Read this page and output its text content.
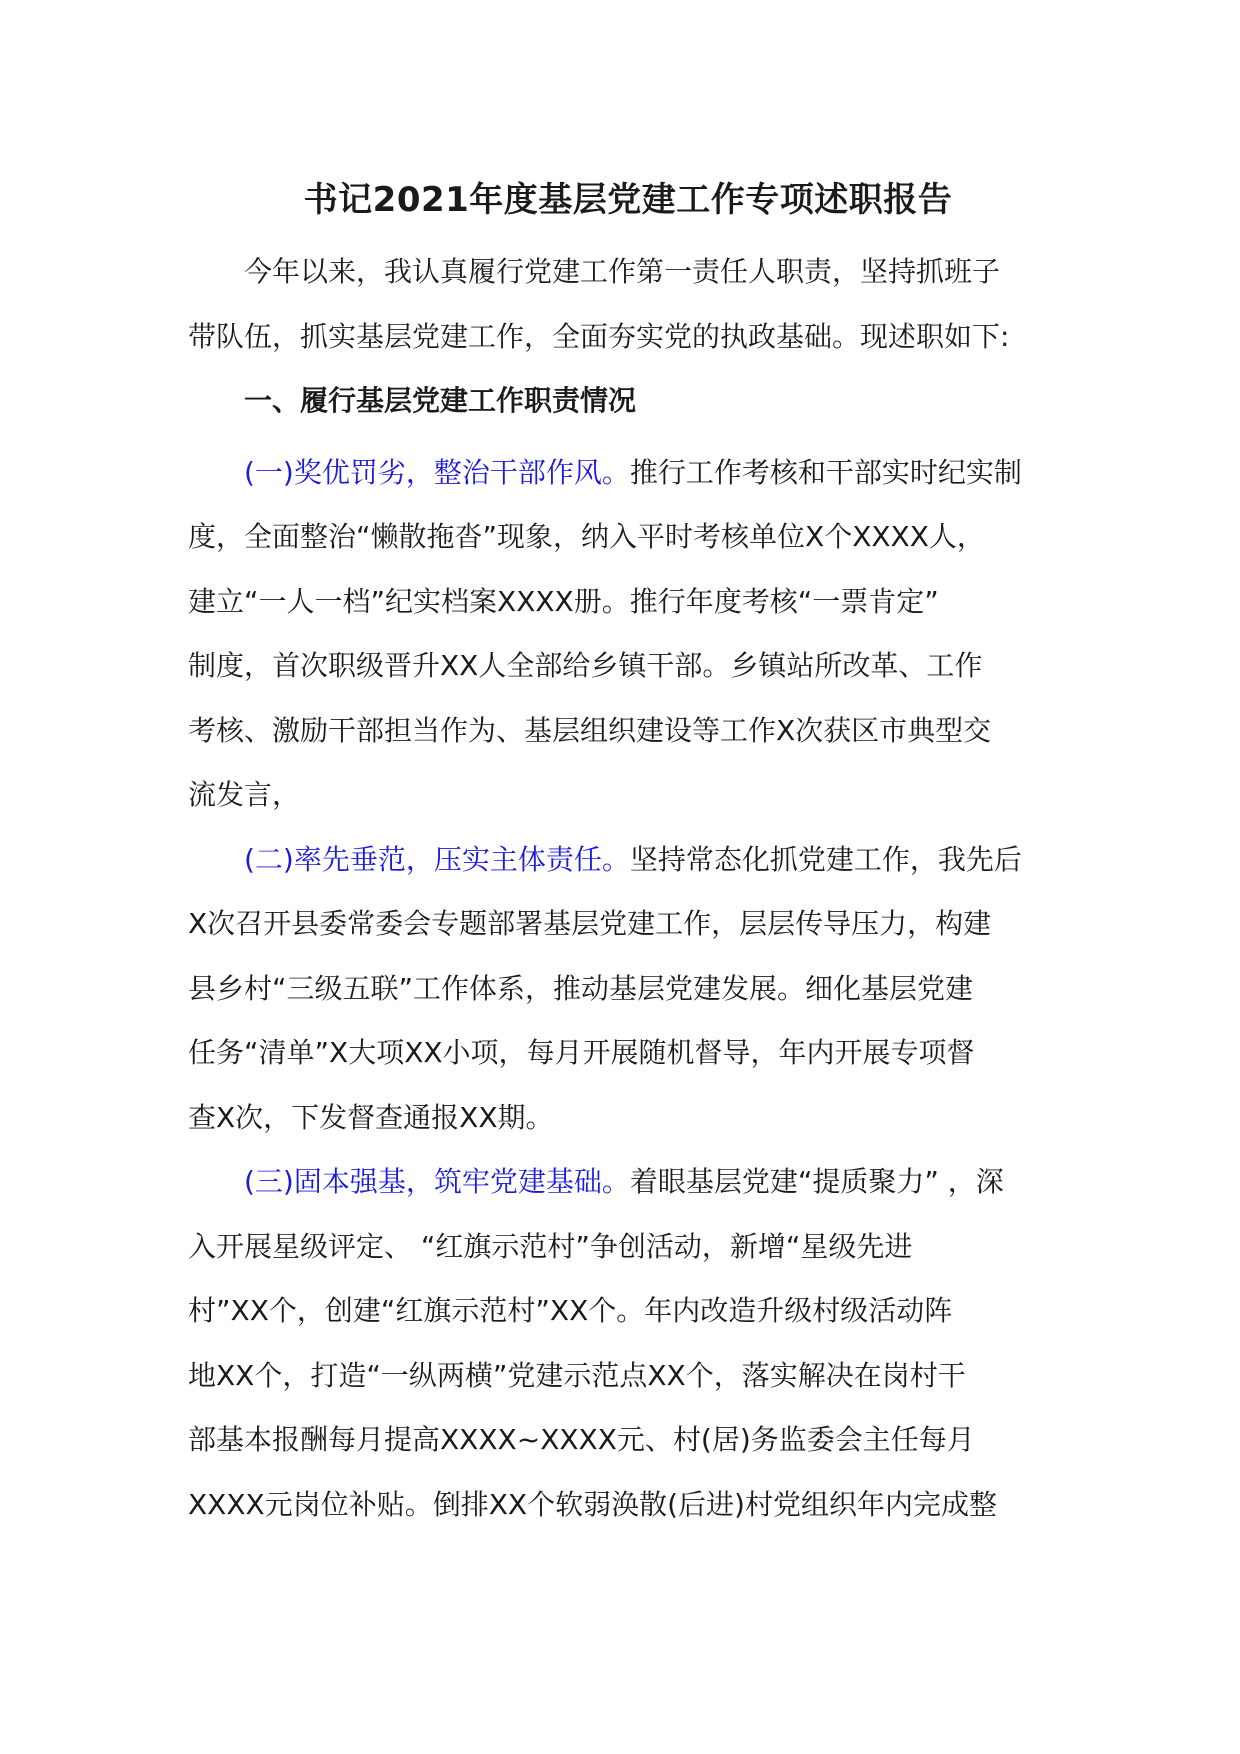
书记2021年度基层党建工作专项述职报告
今年以来，我认真履行党建工作第一责任人职责，坚持抓班子
带队伍，抓实基层党建工作，全面夯实党的执政基础。现述职如下:
一、履行基层党建工作职责情况
(一)奖优罚劣，整治干部作风。推行工作考核和干部实时纪实制
度，全面整治“懒散拖沓”现象，纳入平时考核单位X个XXXX人，
建立“一人一档”纪实档案XXXX册。推行年度考核“一票肯定”
制度，首次职级晋升XX人全部给乡镇干部。乡镇站所改革、工作
考核、激励干部担当作为、基层组织建设等工作X次获区市典型交
流发言，
(二)率先垂范，压实主体责任。坚持常态化抓党建工作，我先后
X次召开县委常委会专题部署基层党建工作，层层传导压力，构建
县乡村“三级五联”工作体系，推动基层党建发展。细化基层党建
任务“清单”X大项XX小项，每月开展随机督导，年内开展专项督
查X次，下发督查通报XX期。
(三)固本强基，筑牢党建基础。着眼基层党建“提质聚力” ，深
入开展星级评定、 “红旗示范村”争创活动，新增“星级先进
村”XX个，创建“红旗示范村”XX个。年内改造升级村级活动阵
地XX个，打造“一纵两横”党建示范点XX个，落实解决在岗村干
部基本报酬每月提高XXXX~XXXX元、村(居)务监委会主任每月
XXXX元岗位补贴。倒排XX个软弱涣散(后进)村党组织年内完成整
